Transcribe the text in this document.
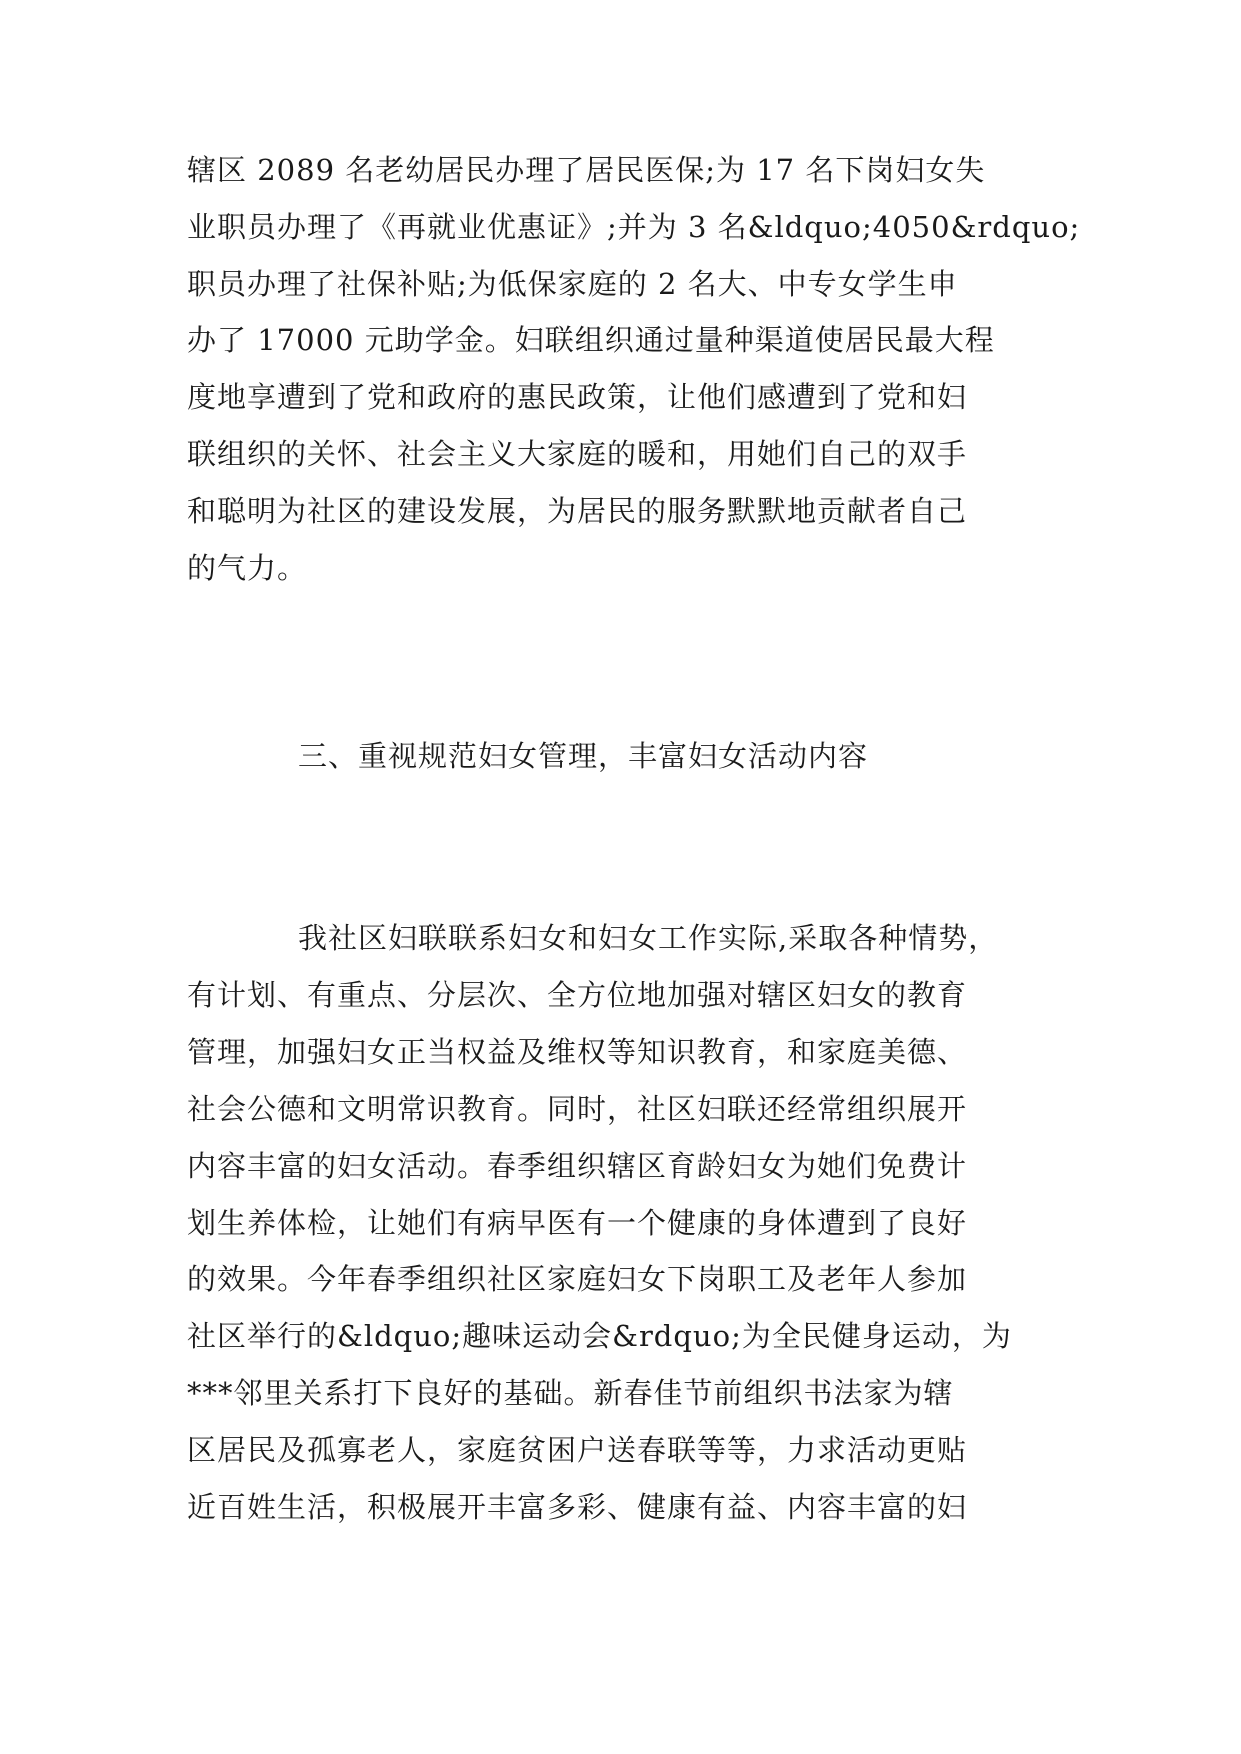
辖区 2089 名老幼居民办理了居民医保;为 17 名下岗妇女失
业职员办理了《再就业优惠证》;并为 3 名&ldquo;4050&rdquo;
职员办理了社保补贴;为低保家庭的 2 名大、中专女学生申
办了 17000 元助学金。妇联组织通过量种渠道使居民最大程
度地享遭到了党和政府的惠民政策，让他们感遭到了党和妇
联组织的关怀、社会主义大家庭的暖和，用她们自己的双手
和聪明为社区的建设发展，为居民的服务默默地贡献者自己
的气力。
三、重视规范妇女管理，丰富妇女活动内容
我社区妇联联系妇女和妇女工作实际,采取各种情势，
有计划、有重点、分层次、全方位地加强对辖区妇女的教育
管理，加强妇女正当权益及维权等知识教育，和家庭美德、
社会公德和文明常识教育。同时，社区妇联还经常组织展开
内容丰富的妇女活动。春季组织辖区育龄妇女为她们免费计
划生养体检，让她们有病早医有一个健康的身体遭到了良好
的效果。今年春季组织社区家庭妇女下岗职工及老年人参加
社区举行的&ldquo;趣味运动会&rdquo;为全民健身运动，为
***邻里关系打下良好的基础。新春佳节前组织书法家为辖
区居民及孤寡老人，家庭贫困户送春联等等，力求活动更贴
近百姓生活，积极展开丰富多彩、健康有益、内容丰富的妇
